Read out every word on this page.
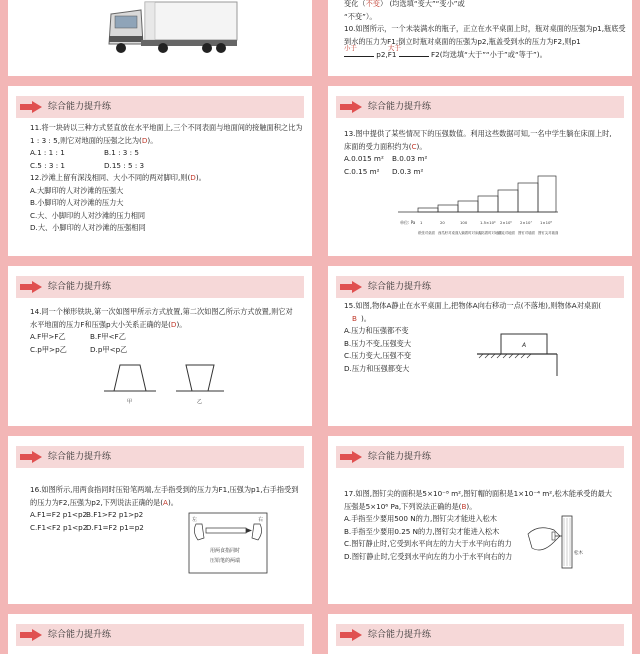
变化（不变） (均选填“变大”“变小”或

“不变”）。

10.如图所示，一个未装满水的瓶子，正立在水平桌面上时，瓶对桌面的压强为p1,瓶底受

到水的压力为F1;倒立时瓶对桌面的压强为p2,瓶盖受到水的压力为F2,则p1

小于	大于
p2,F1	F2(均选填“大于”“小于”或“等于”)。

综合能力提升练

11.将一块砖以三种方式竖直放在水平地面上,三个不同表面与地面间的接触面积之比为

1 : 3 : 5,则它对地面的压强之比为(D)。

A.1 : 1 : 1	B.1 : 3 : 5

C.5 : 3 : 1	D.15 : 5 : 3

12.沙滩上留有深浅相同、大小不同的两对脚印,则(D)。

A.大脚印的人对沙滩的压强大

B.小脚印的人对沙滩的压力大

C.大、小脚印的人对沙滩的压力相同

D.大、小脚印的人对沙滩的压强相同

综合能力提升练

13.图中提供了某些情况下的压强数值。利用这些数据可知,一名中学生躺在床面上时,

床面的受力面积约为(C)。

A.0.015 m² B.0.03 m²

C.0.15 m² D.0.3 m²

单位: Pa 1	20	100	1.5×10⁴ 2×10⁵ 2×10⁷ 1×10⁸
纸张对桌面 西瓜籽对桌面 人躺着时对床面
人站着时对地面
坦克对地面 图钉对墙面 图钉尖对墙面
综合能力提升练

14.同一个梯形铁块,第一次如图甲所示方式放置,第二次如图乙所示方式放置,则它对

水平地面的压力F和压强p大小关系正确的是(D)。

A.F甲>F乙	B.F甲<F乙

C.p甲>p乙	D.p甲<p乙

甲	乙
综合能力提升练

15.如图,物体A静止在水平桌面上,把物体A向右移动一点(不落地),则物体A对桌面(

B )。

A.压力和压强都不变

B.压力不变,压强变大

C.压力变大,压强不变

D.压力和压强都变大

A
综合能力提升练

16.如图所示,用两食指同时压铅笔两端,左手指受到的压力为F1,压强为p1,右手指受到

的压力为F2,压强为p2,下列说法正确的是(A)。

A.F1=F2 p1<p2B.F1>F2 p1>p2

C.F1<F2 p1<p2D.F1=F2 p1=p2

左	右
用两食指同时
压铅笔的两端
综合能力提升练

17.如图,图钉尖的面积是5×10⁻⁸ m²,图钉帽的面积是1×10⁻⁴ m²,松木能承受的最大

压强是5×10⁶ Pa,下列说法正确的是(B)。

A.手指至少要用500 N的力,图钉尖才能进入松木

B.手指至少要用0.25 N的力,图钉尖才能进入松木

C.图钉静止时,它受到水平向左的力大于水平向右的力

D.图钉静止时,它受到水平向左的力小于水平向右的力	松木
综合能力提升练	综合能力提升练
